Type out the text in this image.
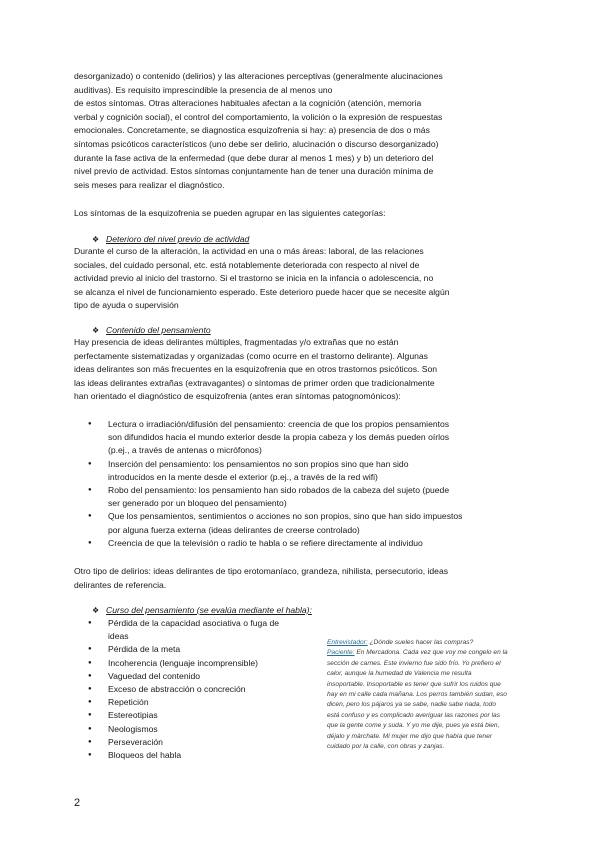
desorganizado) o contenido (delirios) y las alteraciones perceptivas (generalmente alucinaciones
auditivas). Es requisito imprescindible la presencia de al menos uno
de estos síntomas. Otras alteraciones habituales afectan a la cognición (atención, memoria
verbal y cognición social), el control del comportamiento, la volición o la expresión de respuestas
emocionales. Concretamente, se diagnostica esquizofrenia si hay: a) presencia de dos o más
síntomas psicóticos característicos (uno debe ser delirio, alucinación o discurso desorganizado)
durante la fase activa de la enfermedad (que debe durar al menos 1 mes) y b) un deterioro del
nivel previo de actividad. Estos síntomas conjuntamente han de tener una duración mínima de
seis meses para realizar el diagnóstico.
Los síntomas de la esquizofrenia se pueden agrupar en las siguientes categorías:
❖ Deterioro del nivel previo de actividad
Durante el curso de la alteración, la actividad en una o más áreas: laboral, de las relaciones
sociales, del cuidado personal, etc. está notablemente deteriorada con respecto al nivel de
actividad previo al inicio del trastorno. Si el trastorno se inicia en la infancia o adolescencia, no
se alcanza el nivel de funcionamiento esperado. Este deterioro puede hacer que se necesite algún
tipo de ayuda o supervisión
❖ Contenido del pensamiento
Hay presencia de ideas delirantes múltiples, fragmentadas y/o extrañas que no están
perfectamente sistematizadas y organizadas (como ocurre en el trastorno delirante). Algunas
ideas delirantes son más frecuentes en la esquizofrenia que en otros trastornos psicóticos. Son
las ideas delirantes extrañas (extravagantes) o síntomas de primer orden que tradicionalmente
han orientado el diagnóstico de esquizofrenia (antes eran síntomas patognomónicos):
● Lectura o irradiación/difusión del pensamiento: creencia de que los propios pensamientos
son difundidos hacia el mundo exterior desde la propia cabeza y los demás pueden oírlos
(p.ej., a través de antenas o micrófonos)
● Inserción del pensamiento: los pensamientos no son propios sino que han sido
introducidos en la mente desde el exterior (p.ej., a través de la red wifi)
● Robo del pensamiento: los pensamiento han sido robados de la cabeza del sujeto (puede
ser generado por un bloqueo del pensamiento)
● Que los pensamientos, sentimientos o acciones no son propios, sino que han sido impuestos
por alguna fuerza externa (ideas delirantes de creerse controlado)
● Creencia de que la televisión o radio te habla o se refiere directamente al individuo
Otro tipo de delirios: ideas delirantes de tipo erotomaníaco, grandeza, nihilista, persecutorio, ideas
delirantes de referencia.
❖ Curso del pensamiento (se evalúa mediante el habla):
● Pérdida de la capacidad asociativa o fuga de
ideas
● Pérdida de la meta
● Incoherencia (lenguaje incomprensible)
● Vaguedad del contenido
● Exceso de abstracción o concreción
● Repetición
● Estereotipias
● Neologismos
● Perseveración
● Bloqueos del habla
Entrevistador: ¿Dónde sueles hacer las compras?
Paciente: En Mercadona. Cada vez que voy me congelo en la
sección de carnes. Este invierno fue sido frío. Yo prefiero el
calor, aunque la humedad de Valencia me resulta
insoportable. Insoportable es tener que sufrir los ruidos que
hay en mi calle cada mañana. Los perros también sudan, eso
dicen, pero los pájaros ya se sabe, nadie sabe nada, todo
está confuso y es complicado averiguar las razones por las
que la gente come y suda. Y yo me dije, pues ya está bien,
déjalo y márchate. Mi mujer me dijo que había que tener
cuidado por la calle, con obras y zanjas.
2
